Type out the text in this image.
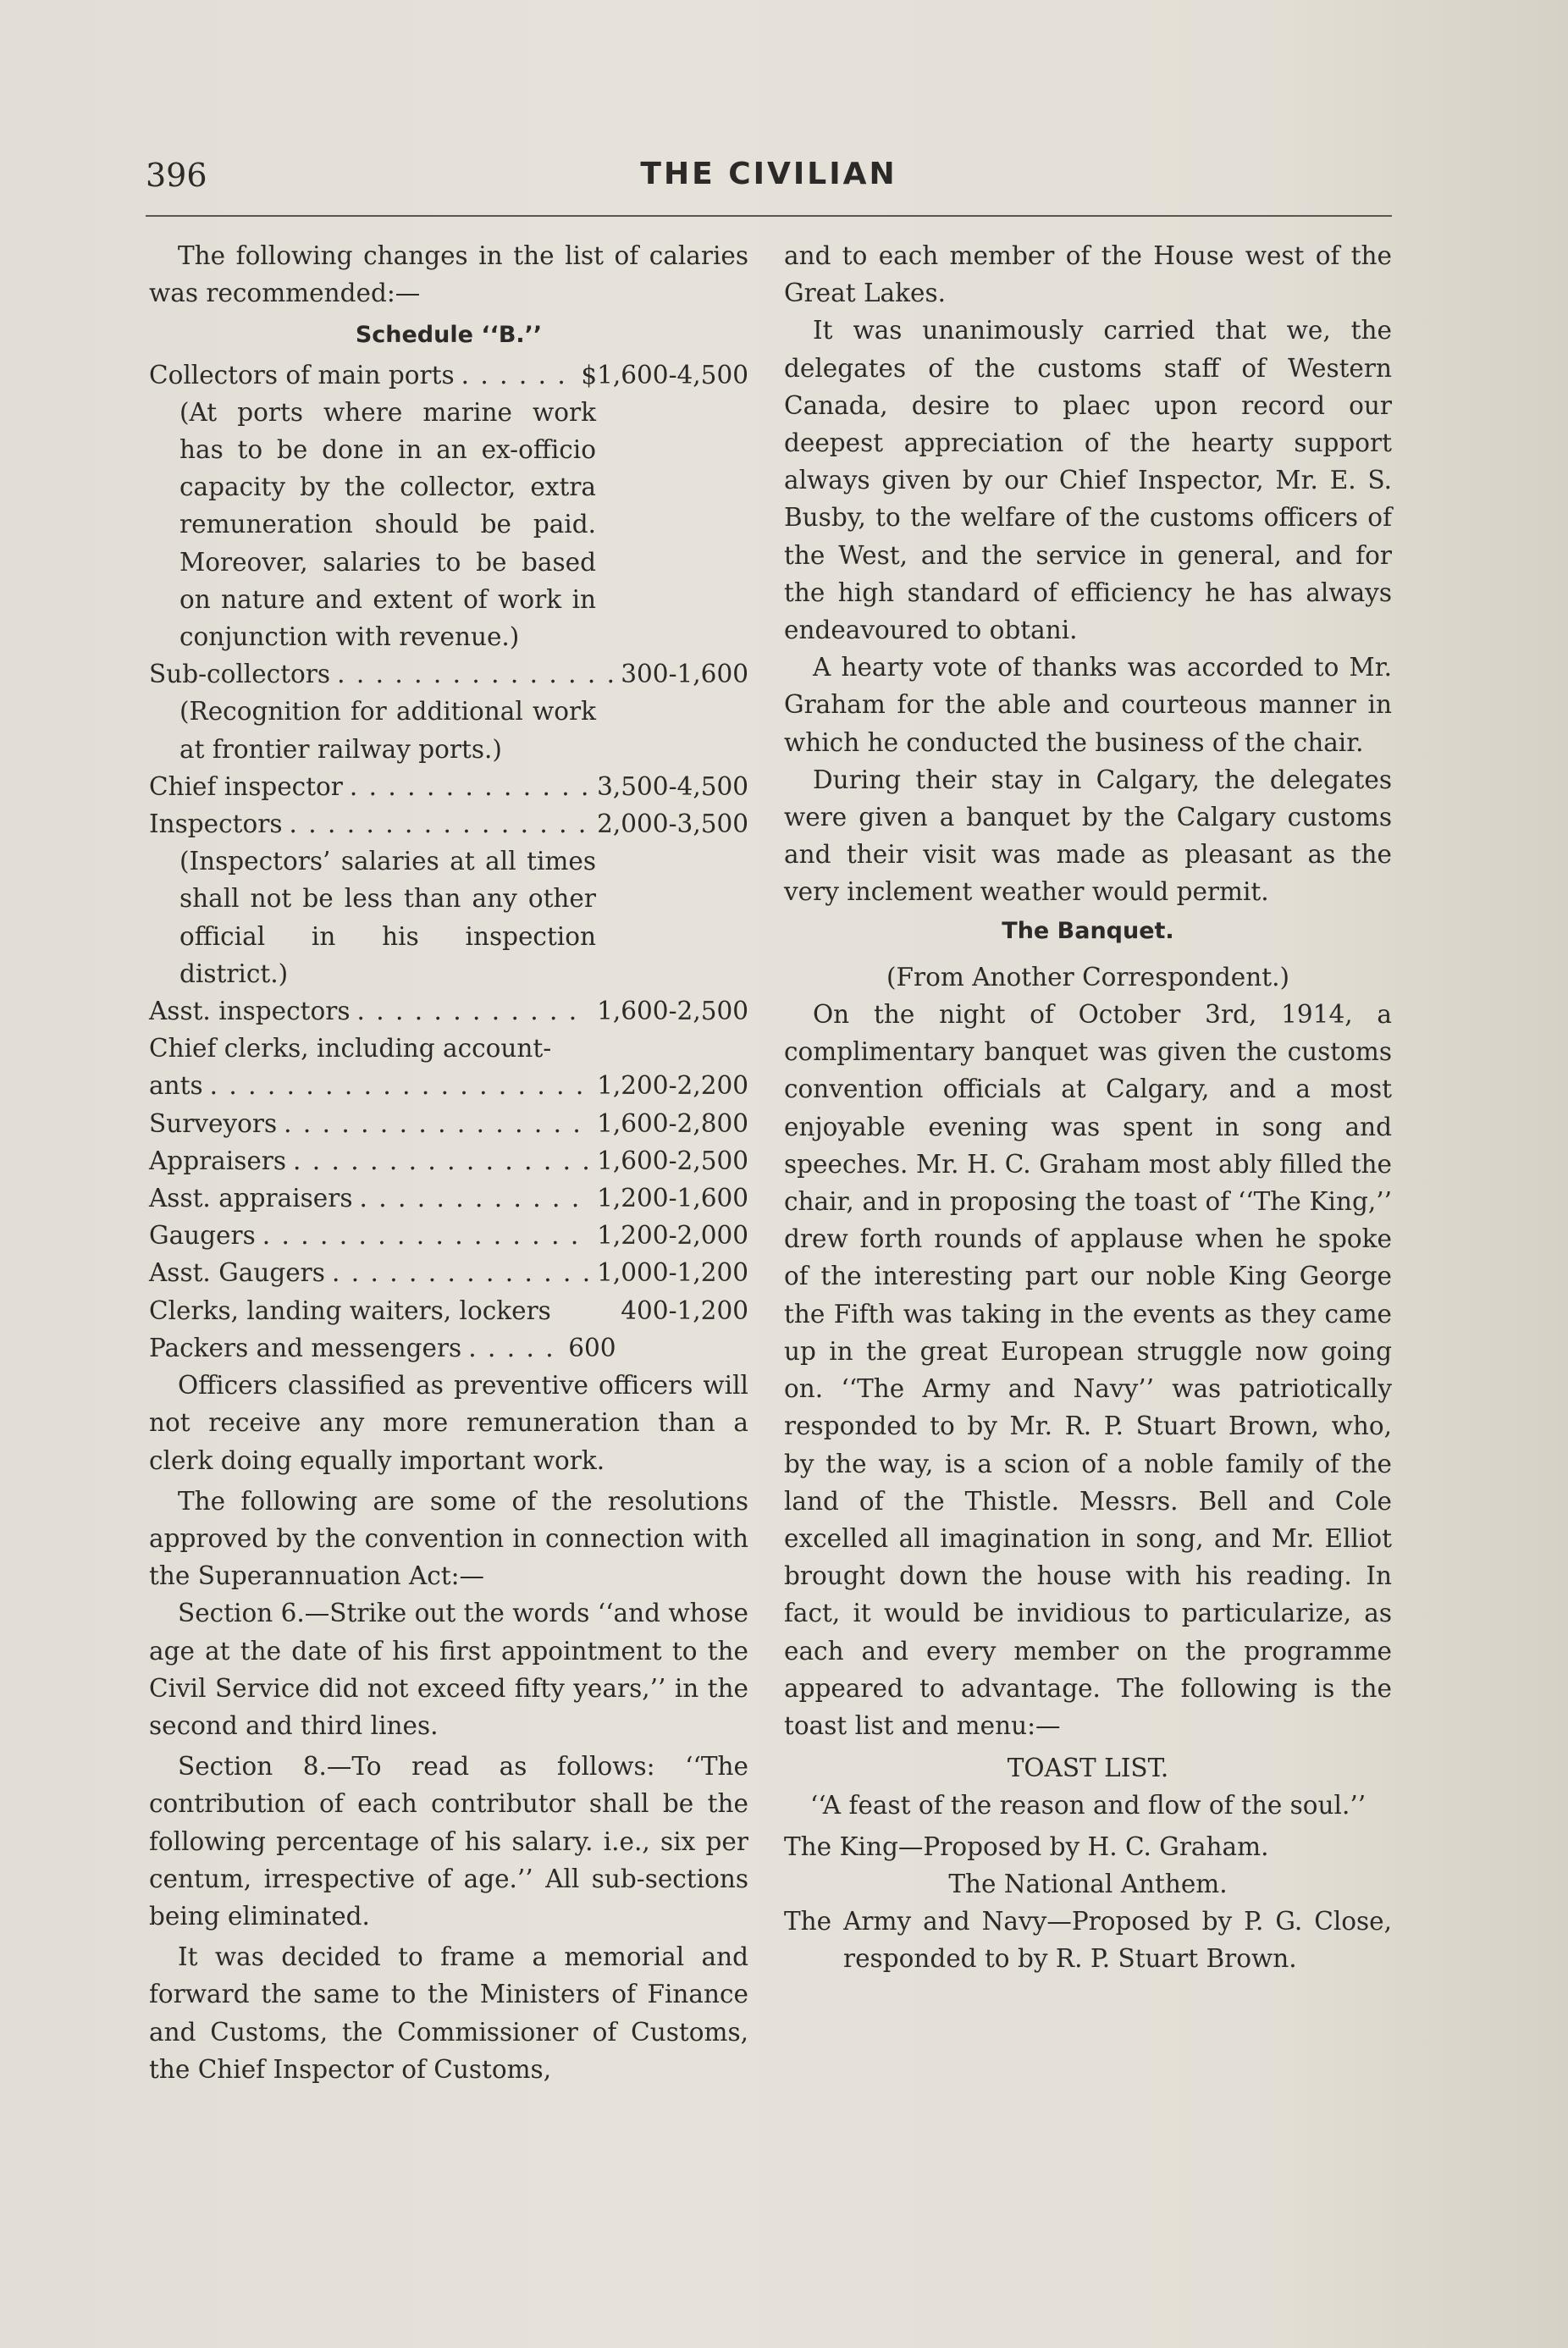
396	THE CIVILIAN

The following changes in the list of calaries was recommended:—

Schedule ‘‘B.’’
Collectors of main ports . . .	$1,600-4,500

(At ports where marine work has to be done in an ex-officio capacity by the collector, extra remuneration should be paid. Moreover, salaries to be based on nature and extent of work in conjunction with revenue.)

Sub-collectors . . .	300-1,600

(Recognition for additional work at frontier railway ports.)

Chief inspector . . .	3,500-4,500
Inspectors . . .	2,000-3,500

(Inspectors’ salaries at all times shall not be less than any other official in his inspection district.)

Asst. inspectors . . .	1,600-2,500
Chief clerks, including account-
ants . . .	1,200-2,200
Surveyors . . .	1,600-2,800
Appraisers . . .	1,600-2,500
Asst. appraisers . . .	1,200-1,600
Gaugers . . .	1,200-2,000
Asst. Gaugers . . .	1,000-1,200
Clerks, landing waiters, lockers	400-1,200
Packers and messengers . . .	600

Officers classified as preventive officers will not receive any more remuneration than a clerk doing equally important work.

The following are some of the resolutions approved by the convention in connection with the Superannuation Act:—

Section 6.—Strike out the words ‘‘and whose age at the date of his first appointment to the Civil Service did not exceed fifty years,’’ in the second and third lines.

Section 8.—To read as follows: ‘‘The contribution of each contributor shall be the following percentage of his salary. i.e., six per centum, irrespective of age.’’ All sub-sections being eliminated.

It was decided to frame a memorial and forward the same to the Ministers of Finance and Customs, the Commissioner of Customs, the Chief Inspector of Customs,

and to each member of the House west of the Great Lakes.

It was unanimously carried that we, the delegates of the customs staff of Western Canada, desire to plaec upon record our deepest appreciation of the hearty support always given by our Chief Inspector, Mr. E. S. Busby, to the welfare of the customs officers of the West, and the service in general, and for the high standard of efficiency he has always endeavoured to obtani.

A hearty vote of thanks was accorded to Mr. Graham for the able and courteous manner in which he conducted the business of the chair.

During their stay in Calgary, the delegates were given a banquet by the Calgary customs and their visit was made as pleasant as the very inclement weather would permit.

The Banquet.
(From Another Correspondent.)

On the night of October 3rd, 1914, a complimentary banquet was given the customs convention officials at Calgary, and a most enjoyable evening was spent in song and speeches. Mr. H. C. Graham most ably filled the chair, and in proposing the toast of ‘‘The King,’’ drew forth rounds of applause when he spoke of the interesting part our noble King George the Fifth was taking in the events as they came up in the great European struggle now going on. ‘‘The Army and Navy’’ was patriotically responded to by Mr. R. P. Stuart Brown, who, by the way, is a scion of a noble family of the land of the Thistle. Messrs. Bell and Cole excelled all imagination in song, and Mr. Elliot brought down the house with his reading. In fact, it would be invidious to particularize, as each and every member on the programme appeared to advantage. The following is the toast list and menu:—

TOAST LIST.

‘‘A feast of the reason and flow of the soul.’’

The King—Proposed by H. C. Graham.

The National Anthem.

The Army and Navy—Proposed by P. G. Close, responded to by R. P. Stuart Brown.
